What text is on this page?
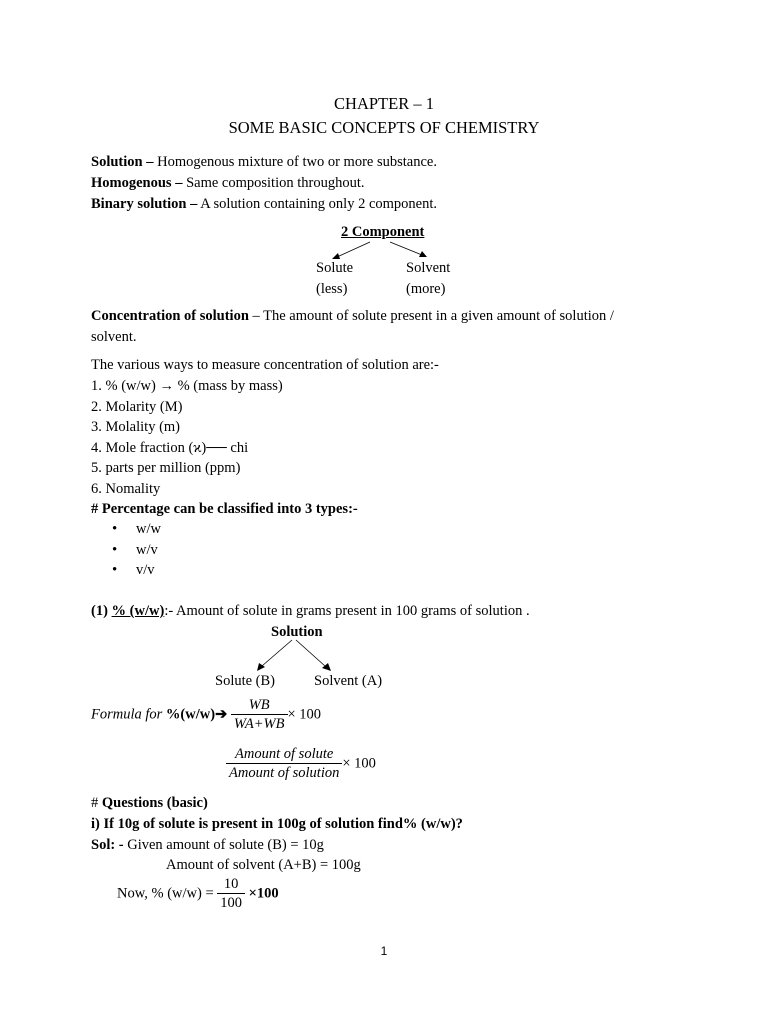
CHAPTER – 1
SOME BASIC CONCEPTS OF CHEMISTRY
Solution – Homogenous mixture of two or more substance.
Homogenous – Same composition throughout.
Binary solution – A solution containing only 2 component.
2 Component
Solute
(less)
Solvent
(more)
Concentration of solution – The amount of solute present in a given amount of solution /
solvent.
The various ways to measure concentration of solution are:-
1. % (w/w) → % (mass by mass)
2. Molarity (M)
3. Molality (m)
4. Mole fraction (ϰ)── chi
5. parts per million (ppm)
6. Nomality
# Percentage can be classified into 3 types:-
• w/w
• w/v
• v/v
(1) % (w/w):- Amount of solute in grams present in 100 grams of solution .
Solution
Solute (B)	Solvent (A)
Formula for %(w/w)➔ $\frac{WB}{WA+WB} \times 100$
$\frac{\text{Amount of solute}}{\text{Amount of solution}} \times 100$
# Questions (basic)
i) If 10g of solute is present in 100g of solution find% (w/w)?
Sol: - Given amount of solute (B) = 10g
Amount of solvent (A+B) = 100g
Now, % $(w/w) = \frac{10}{100} \times 100$
1
